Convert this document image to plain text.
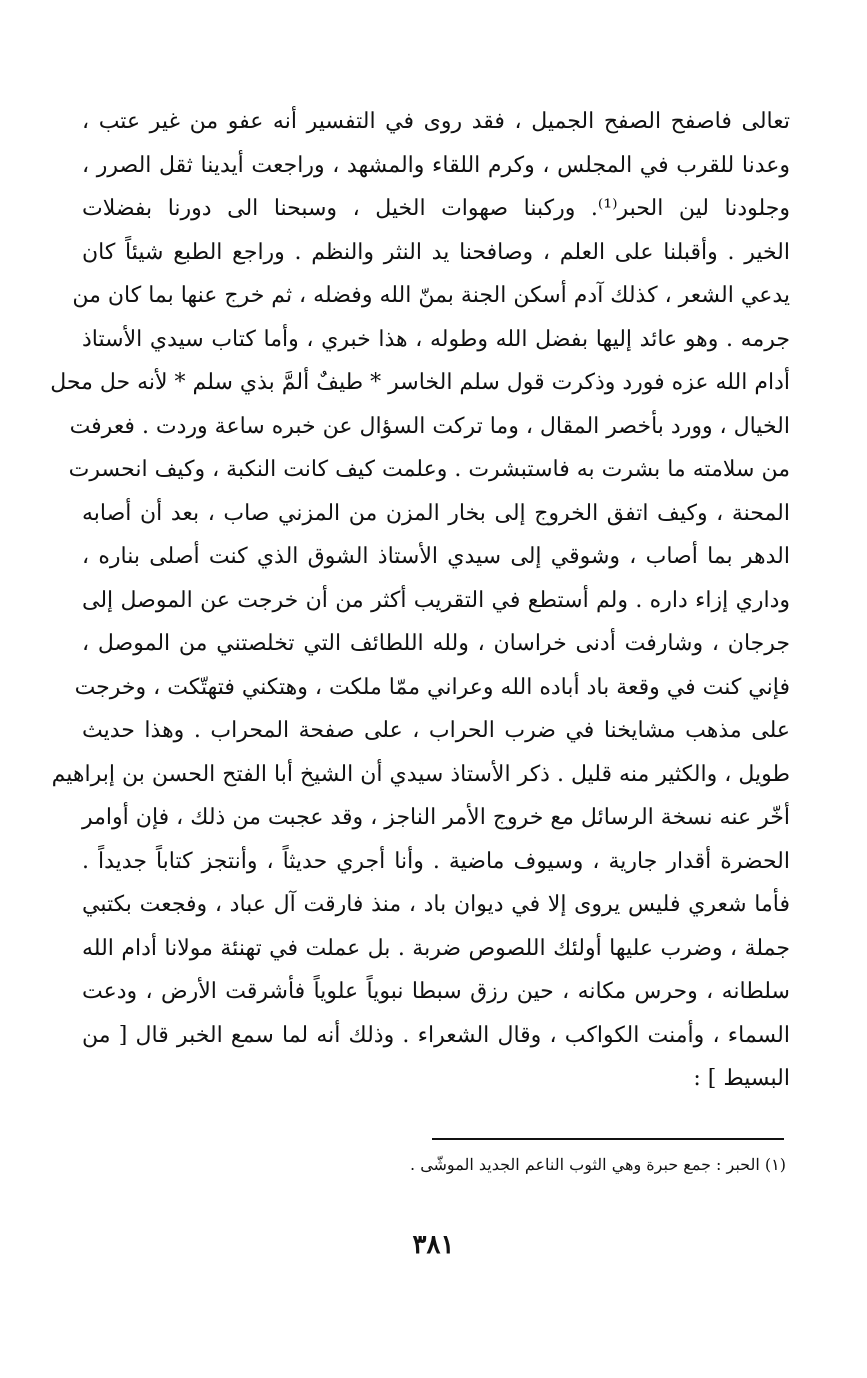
تعالى فاصفح الصفح الجميل ، فقد روى في التفسير أنه عفو من غير عتب ،
وعدنا للقرب في المجلس ، وكرم اللقاء والمشهد ، وراجعت أيدينا ثقل الصرر ،
وجلودنا لين الحبر⁽¹⁾. وركبنا صهوات الخيل ، وسبحنا الى دورنا بفضلات
الخير . وأقبلنا على العلم ، وصافحنا يد النثر والنظم . وراجع الطبع شيئاً كان
يدعي الشعر ، كذلك آدم أسكن الجنة بمنّ الله وفضله ، ثم خرج عنها بما كان من
جرمه . وهو عائد إليها بفضل الله وطوله ، هذا خبري ، وأما كتاب سيدي الأستاذ
أدام الله عزه فورد وذكرت قول سلم الخاسر * طيفٌ ألمَّ بذي سلم * لأنه حل محل
الخيال ، وورد بأخصر المقال ، وما تركت السؤال عن خبره ساعة وردت . فعرفت
من سلامته ما بشرت به فاستبشرت . وعلمت كيف كانت النكبة ، وكيف انحسرت
المحنة ، وكيف اتفق الخروج إلى بخار المزن من المزني صاب ، بعد أن أصابه
الدهر بما أصاب ، وشوقي إلى سيدي الأستاذ الشوق الذي كنت أصلى بناره ،
وداري إزاء داره . ولم أستطع في التقريب أكثر من أن خرجت عن الموصل إلى
جرجان ، وشارفت أدنى خراسان ، ولله اللطائف التي تخلصتني من الموصل ،
فإني كنت في وقعة باد أباده الله وعراني ممّا ملكت ، وهتكني فتهتّكت ، وخرجت
على مذهب مشايخنا في ضرب الحراب ، على صفحة المحراب . وهذا حديث
طويل ، والكثير منه قليل . ذكر الأستاذ سيدي أن الشيخ أبا الفتح الحسن بن إبراهيم
أخّر عنه نسخة الرسائل مع خروج الأمر الناجز ، وقد عجبت من ذلك ، فإن أوامر
الحضرة أقدار جارية ، وسيوف ماضية . وأنا أجري حديثاً ، وأنتجز كتاباً جديداً .
فأما شعري فليس يروى إلا في ديوان باد ، منذ فارقت آل عباد ، وفجعت بكتبي
جملة ، وضرب عليها أولئك اللصوص ضربة . بل عملت في تهنئة مولانا أدام الله
سلطانه ، وحرس مكانه ، حين رزق سبطا نبوياً علوياً فأشرقت الأرض ، ودعت
السماء ، وأمنت الكواكب ، وقال الشعراء . وذلك أنه لما سمع الخبر قال [ من
البسيط ] :
(١) الحبر : جمع حبرة وهي الثوب الناعم الجديد الموشّى .
٣٨١
